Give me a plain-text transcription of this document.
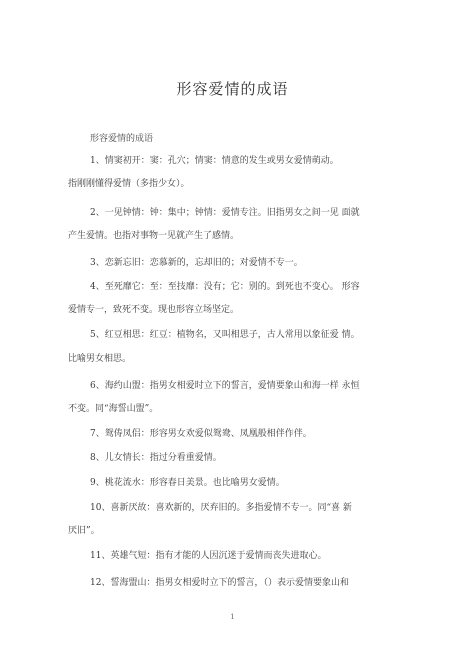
形容爱情的成语
形容爱情的成语
1、情窦初开：窦：孔穴；情窦：情意的发生或男女爱情萌动。
指刚刚懂得爱情（多指少女）。
2、一见钟情：钟：集中；钟情：爱情专注。旧指男女之间一见 面就
产生爱情。也指对事物一见就产生了感情。
3、恋新忘旧：恋慕新的，忘却旧的；对爱情不专一。
4、至死靡它：至：至技靡：没有；它：别的。到死也不变心。 形容
爱情专一，致死不变。现也形容立场坚定。
5、红豆相思：红豆：植物名，又叫相思子，古人常用以象征爱 情。
比喻男女相思。
6、海约山盟：指男女相爱时立下的誓言，爱情要象山和海一样 永恒
不变。同“海誓山盟”。
7、鸳俦凤侣：形容男女欢爱似鸳鸯、凤凰般相伴作伴。
8、儿女情长：指过分看重爱情。
9、桃花流水：形容春日美景。也比喻男女爱情。
10、喜新厌故：喜欢新的，厌弃旧的。多指爱情不专一。同“喜 新
厌旧”。
11、英雄气短：指有才能的人因沉迷于爱情而丧失进取心。
12、誓海盟山：指男女相爱时立下的誓言，（）表示爱情要象山和
1
